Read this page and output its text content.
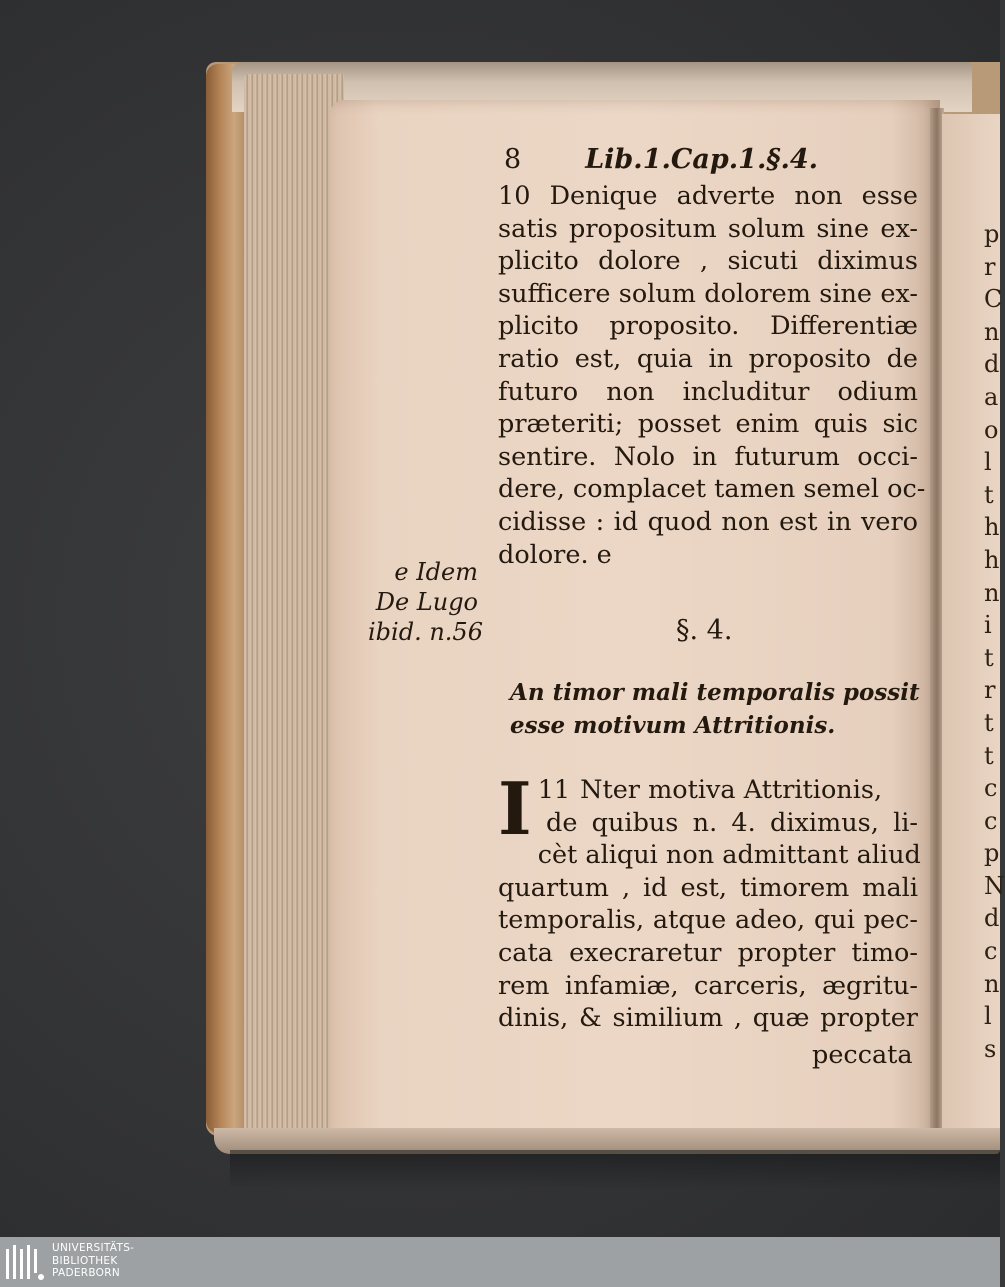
8 Lib.1.Cap.1.§.4.
10 Denique adverte non esse
satis propositum solum sine ex-
plicito dolore , sicuti diximus
sufficere solum dolorem sine ex-
plicito proposito. Differentiæ
ratio est, quia in proposito de
futuro non includitur odium
præteriti; posset enim quis sic
sentire. Nolo in futurum occi-
dere, complacet tamen semel oc-
cidisse : id quod non est in vero
dolore. e
e Idem
De Lugo
ibid. n.56	§. 4.
An timor mali temporalis possit
esse motivum Attritionis.
11
I Nter motiva Attritionis,
de quibus n. 4. diximus, li-
cèt aliqui non admittant aliud
quartum , id est, timorem mali
temporalis, atque adeo, qui pec-
cata execraretur propter timo-
rem infamiæ, carceris, ægritu-
dinis, & similium , quæ propter
peccata
p
r
C
n
d
a
o
l
t
h
h
n
i
t
r
t
t
c
c
p
N
d
c
n
l
s
UNIVERSITÄTS-
BIBLIOTHEK
PADERBORN
